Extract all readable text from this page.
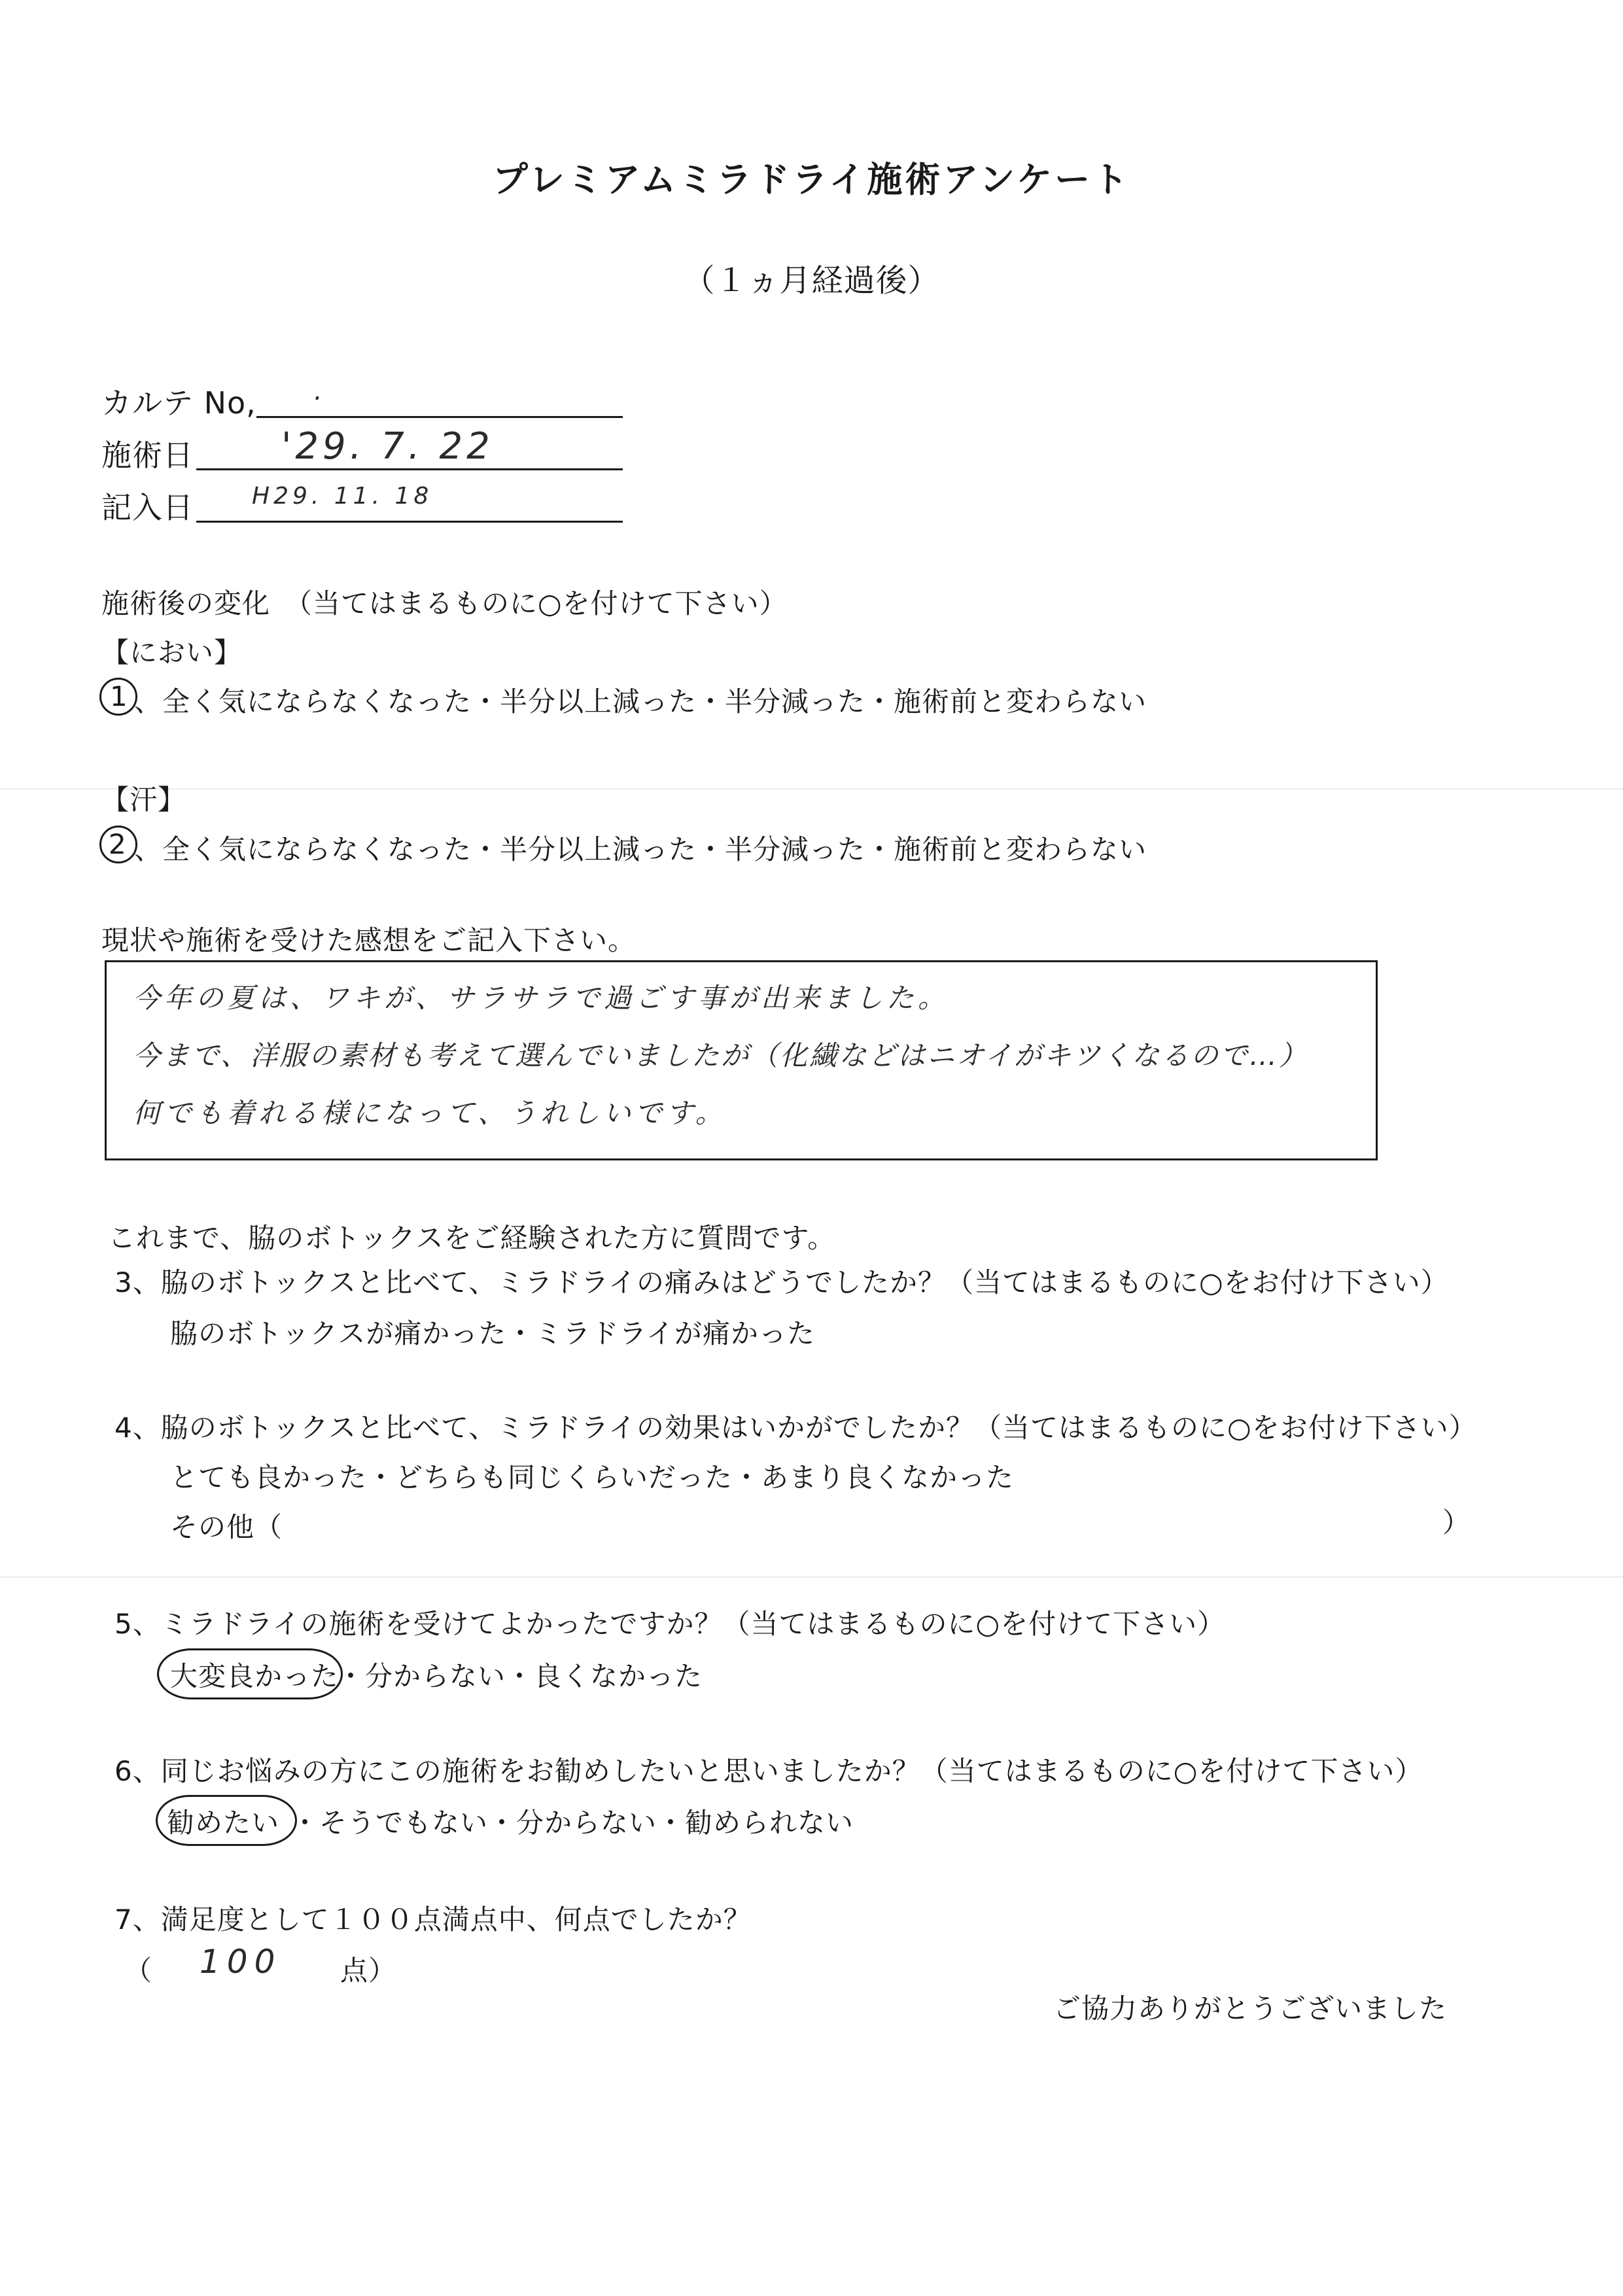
プレミアムミラドライ施術アンケート
（１ヵ月経過後）
カルテ No, .
施術日 '29. 7. 22
記入日 H29. 11. 18
施術後の変化　（当てはまるものに○を付けて下さい）
【におい】
1 、全く気にならなくなった・半分以上減った・半分減った・施術前と変わらない
【汗】
2 、全く気にならなくなった・半分以上減った・半分減った・施術前と変わらない
現状や施術を受けた感想をご記入下さい。
今年の夏は、ワキが、サラサラで過ごす事が出来ました。
今まで、洋服の素材も考えて選んでいましたが（化繊などはニオイがキツくなるので…）
何でも着れる様になって、うれしいです。
これまで、脇のボトックスをご経験された方に質問です。
3、脇のボトックスと比べて、ミラドライの痛みはどうでしたか？（当てはまるものに○をお付け下さい）
脇のボトックスが痛かった・ミラドライが痛かった
4、脇のボトックスと比べて、ミラドライの効果はいかがでしたか？（当てはまるものに○をお付け下さい）
とても良かった・どちらも同じくらいだった・あまり良くなかった
その他（	）
5、ミラドライの施術を受けてよかったですか？（当てはまるものに○を付けて下さい）
大変良かった
・分からない・良くなかった
6、同じお悩みの方にこの施術をお勧めしたいと思いましたか？（当てはまるものに○を付けて下さい）
勧めたい ・そうでもない・分からない・勧められない
7、満足度として１００点満点中、何点でしたか？
（ 100 点）
ご協力ありがとうございました
